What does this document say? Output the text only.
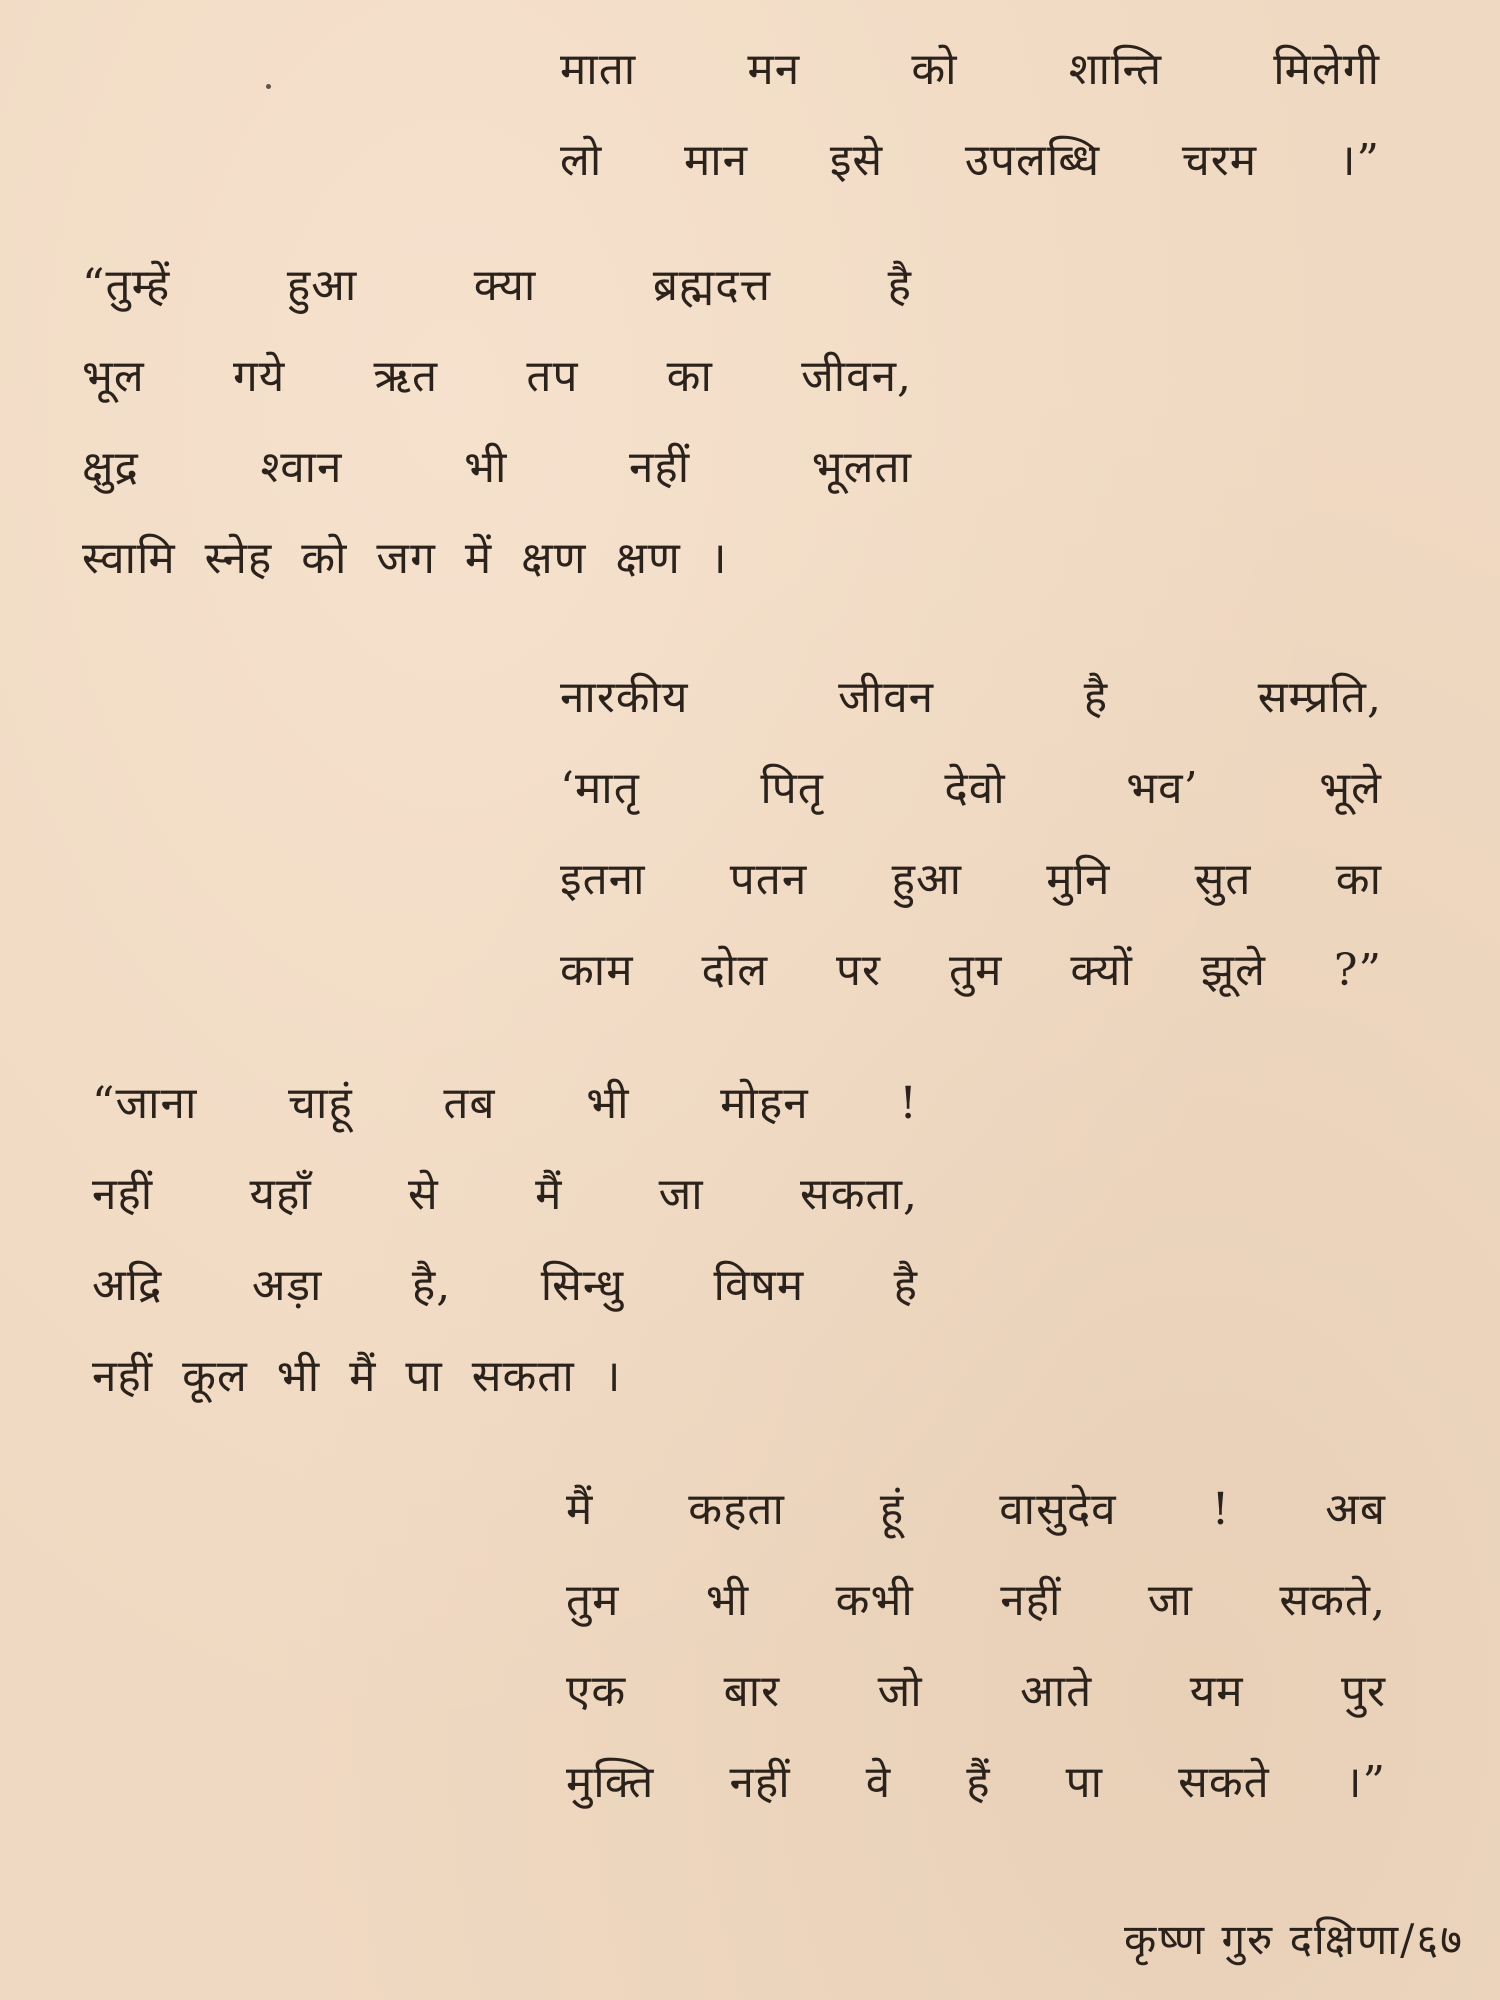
माता मन को शान्ति मिलेगी
लो मान इसे उपलब्धि चरम ।”
“तुम्हें हुआ क्या ब्रह्मदत्त है
भूल गये ऋत तप का जीवन,
क्षुद्र श्वान भी नहीं भूलता
स्वामि स्नेह को जग में क्षण क्षण ।
नारकीय जीवन है सम्प्रति,
‘मातृ पितृ देवो भव’ भूले
इतना पतन हुआ मुनि सुत का
काम दोल पर तुम क्यों झूले ?”
“जाना चाहूं तब भी मोहन !
नहीं यहाँ से मैं जा सकता,
अद्रि अड़ा है, सिन्धु विषम है
नहीं कूल भी मैं पा सकता ।
मैं कहता हूं वासुदेव ! अब
तुम भी कभी नहीं जा सकते,
एक बार जो आते यम पुर
मुक्ति नहीं वे हैं पा सकते ।”
कृष्ण गुरु दक्षिणा/६७
